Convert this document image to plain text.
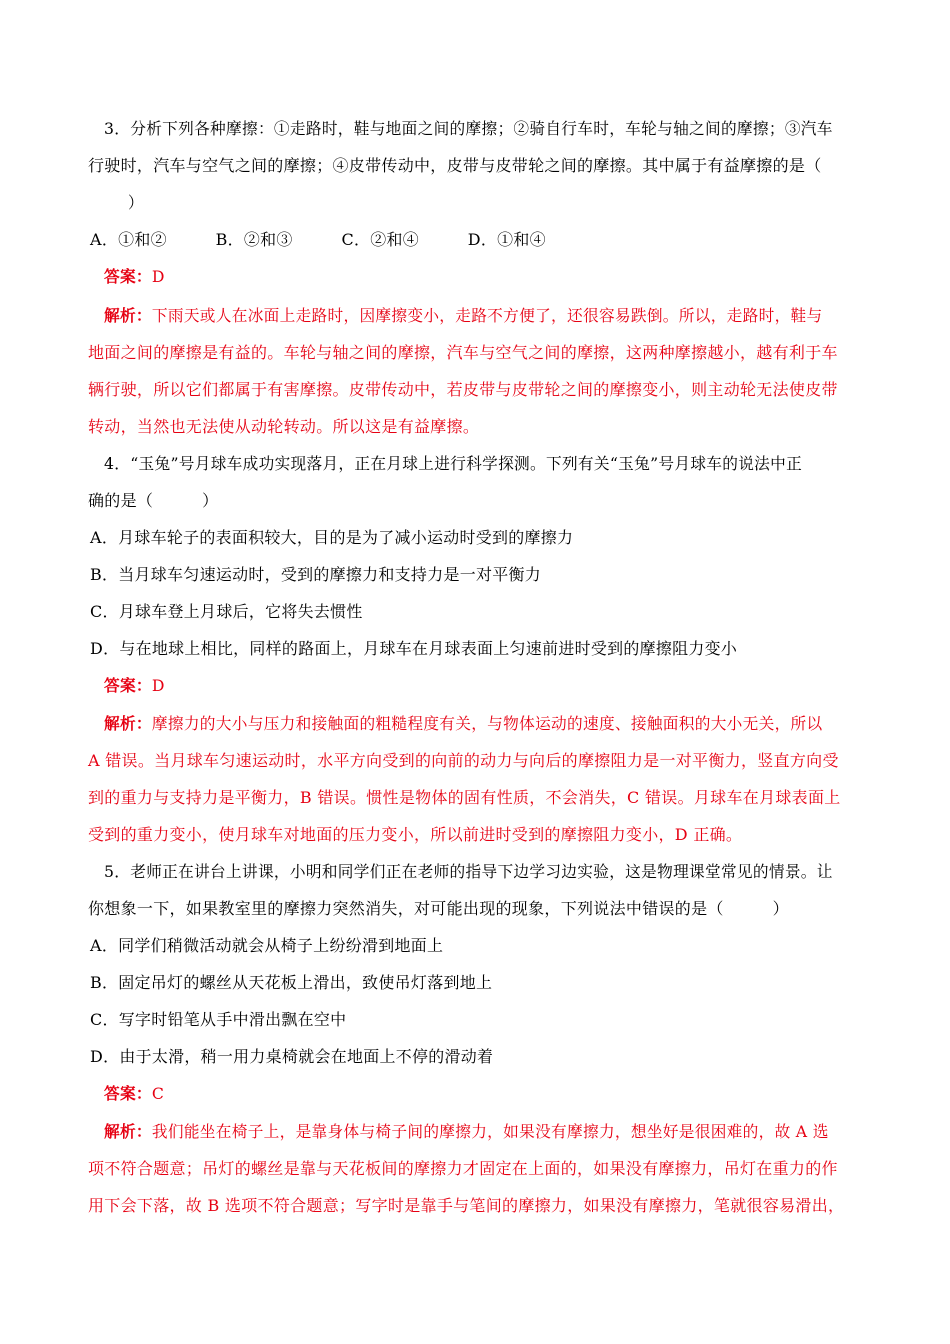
3．分析下列各种摩擦：①走路时，鞋与地面之间的摩擦；②骑自行车时，车轮与轴之间的摩擦；③汽车
行驶时，汽车与空气之间的摩擦；④皮带传动中，皮带与皮带轮之间的摩擦。其中属于有益摩擦的是（
）
A．①和②　　　B．②和③　　　C．②和④　　　D．①和④
答案：D
解析：下雨天或人在冰面上走路时，因摩擦变小，走路不方便了，还很容易跌倒。所以，走路时，鞋与
地面之间的摩擦是有益的。车轮与轴之间的摩擦，汽车与空气之间的摩擦，这两种摩擦越小，越有利于车
辆行驶，所以它们都属于有害摩擦。皮带传动中，若皮带与皮带轮之间的摩擦变小，则主动轮无法使皮带
转动，当然也无法使从动轮转动。所以这是有益摩擦。
4．“玉兔”号月球车成功实现落月，正在月球上进行科学探测。下列有关“玉兔”号月球车的说法中正
确的是（　　　）
A．月球车轮子的表面积较大，目的是为了减小运动时受到的摩擦力
B．当月球车匀速运动时，受到的摩擦力和支持力是一对平衡力
C．月球车登上月球后，它将失去惯性
D．与在地球上相比，同样的路面上，月球车在月球表面上匀速前进时受到的摩擦阻力变小
答案：D
解析：摩擦力的大小与压力和接触面的粗糙程度有关，与物体运动的速度、接触面积的大小无关，所以
A 错误。当月球车匀速运动时，水平方向受到的向前的动力与向后的摩擦阻力是一对平衡力，竖直方向受
到的重力与支持力是平衡力，B 错误。惯性是物体的固有性质，不会消失，C 错误。月球车在月球表面上
受到的重力变小，使月球车对地面的压力变小，所以前进时受到的摩擦阻力变小，D 正确。
5．老师正在讲台上讲课，小明和同学们正在老师的指导下边学习边实验，这是物理课堂常见的情景。让
你想象一下，如果教室里的摩擦力突然消失，对可能出现的现象，下列说法中错误的是（　　　）
A．同学们稍微活动就会从椅子上纷纷滑到地面上
B．固定吊灯的螺丝从天花板上滑出，致使吊灯落到地上
C．写字时铅笔从手中滑出飘在空中
D．由于太滑，稍一用力桌椅就会在地面上不停的滑动着
答案：C
解析：我们能坐在椅子上，是靠身体与椅子间的摩擦力，如果没有摩擦力，想坐好是很困难的，故 A 选
项不符合题意；吊灯的螺丝是靠与天花板间的摩擦力才固定在上面的，如果没有摩擦力，吊灯在重力的作
用下会下落，故 B 选项不符合题意；写字时是靠手与笔间的摩擦力，如果没有摩擦力，笔就很容易滑出，
